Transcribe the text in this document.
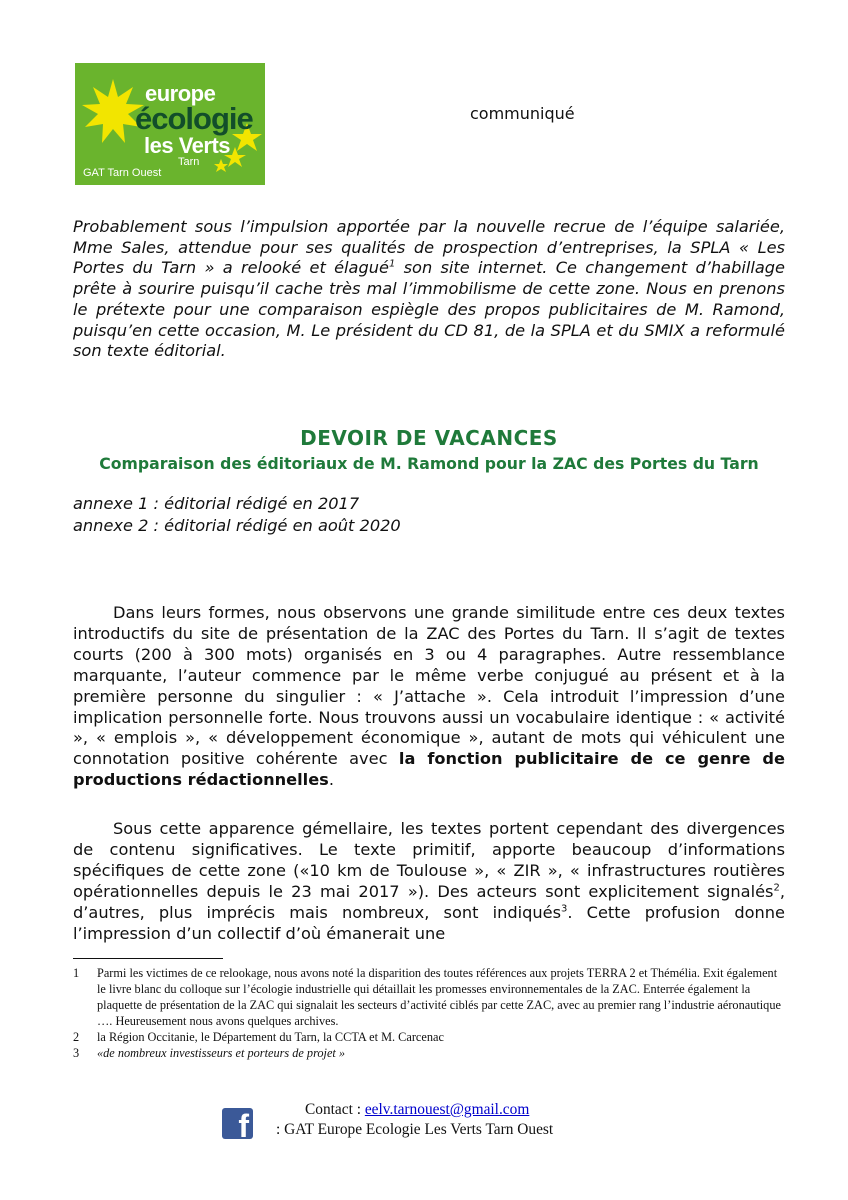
europe
écologie
les Verts
Tarn
GAT Tarn Ouest
communiqué

Probablement sous l’impulsion apportée par la nouvelle recrue de l’équipe salariée, Mme Sales, attendue pour ses qualités de prospection d’entreprises, la SPLA « Les Portes du Tarn » a relooké et élagué$^1$ son site internet. Ce changement d’habillage prête à sourire puisqu’il cache très mal l’immobilisme de cette zone. Nous en prenons le prétexte pour une comparaison espiègle des propos publicitaires de M. Ramond, puisqu’en cette occasion, M. Le président du CD 81, de la SPLA et du SMIX a reformulé son texte éditorial.

DEVOIR DE VACANCES
Comparaison des éditoriaux de M. Ramond pour la ZAC des Portes du Tarn
annexe 1 : éditorial rédigé en 2017
annexe 2 : éditorial rédigé en août 2020

Dans leurs formes, nous observons une grande similitude entre ces deux textes introductifs du site de présentation de la ZAC des Portes du Tarn. Il s’agit de textes courts (200 à 300 mots) organisés en 3 ou 4 paragraphes. Autre ressemblance marquante, l’auteur commence par le même verbe conjugué au présent et à la première personne du singulier : « J’attache ». Cela introduit l’impression d’une implication personnelle forte. Nous trouvons aussi un vocabulaire identique : « activité », « emplois », « développement économique », autant de mots qui véhiculent une connotation positive cohérente avec la fonction publicitaire de ce genre de productions rédactionnelles.

Sous cette apparence gémellaire, les textes portent cependant des divergences de contenu significatives. Le texte primitif, apporte beaucoup d’informations spécifiques de cette zone («10 km de Toulouse », « ZIR », « infrastructures routières opérationnelles depuis le 23 mai 2017 »). Des acteurs sont explicitement signalés$^2$, d’autres, plus imprécis mais nombreux, sont indiqués$^3$. Cette profusion donne l’impression d’un collectif d’où émanerait une

1	Parmi les victimes de ce relookage, nous avons noté la disparition des toutes références aux projets TERRA 2 et Thémélia. Exit également le livre blanc du colloque sur l’écologie industrielle qui détaillait les promesses environnementales de la ZAC. Enterrée également la plaquette de présentation de la ZAC qui signalait les secteurs d’activité ciblés par cette ZAC, avec au premier rang l’industrie aéronautique …. Heureusement nous avons quelques archives.
2	la Région Occitanie, le Département du Tarn, la CCTA et M. Carcenac
3	«de nombreux investisseurs et porteurs de projet »
f	Contact : eelv.tarnouest@gmail.com
: GAT Europe Ecologie Les Verts Tarn Ouest
